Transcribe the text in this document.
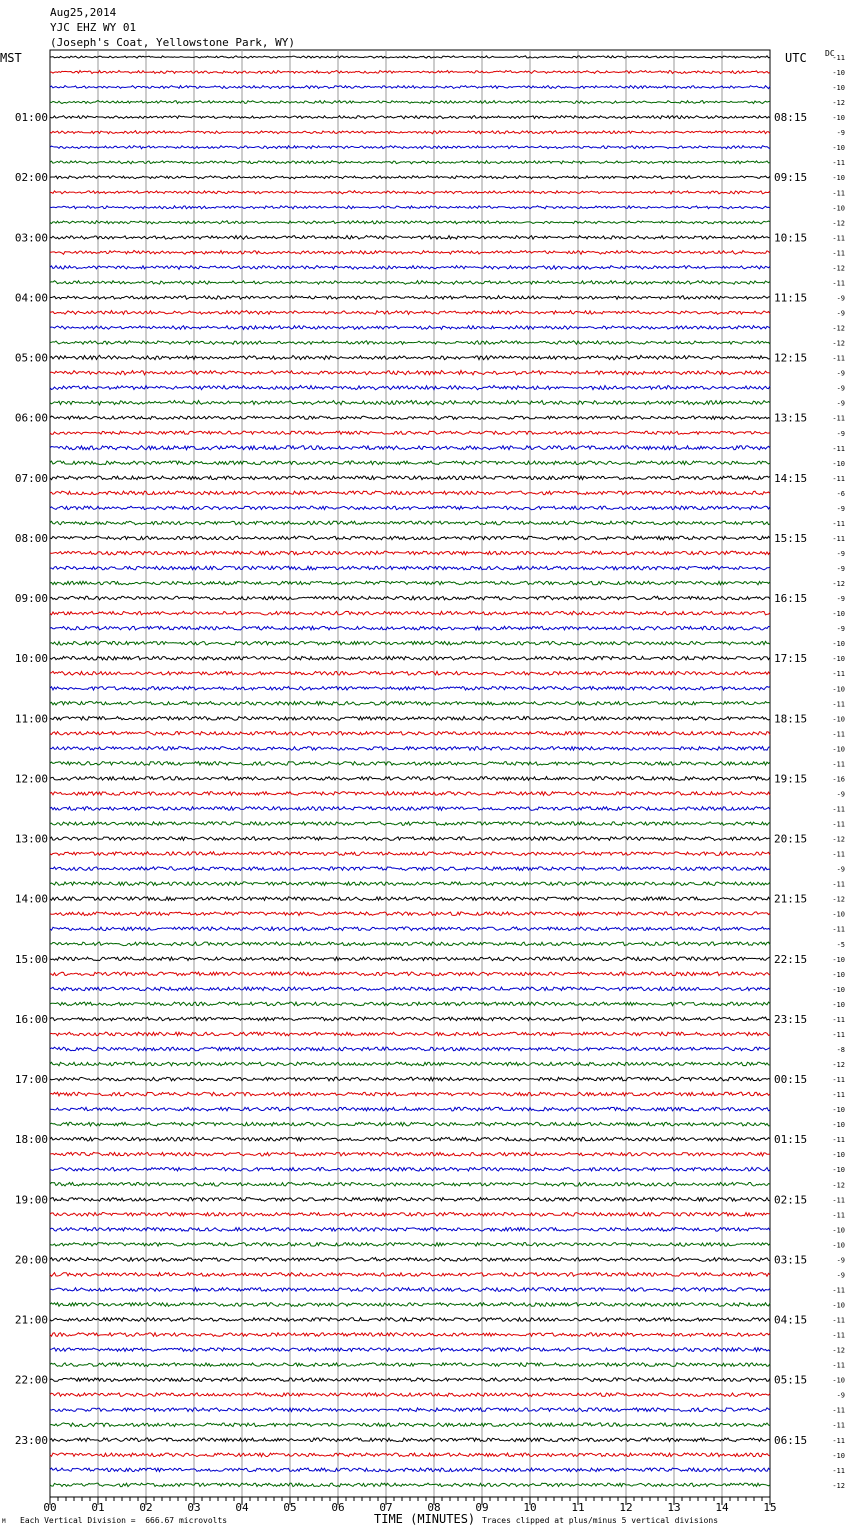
Aug25,2014
YJC EHZ WY 01
(Joseph's Coat, Yellowstone Park, WY)
-11
-10
-10
-12
-10
-9
-10
-11
-10
-11
-10
-12
-11
-11
-12
-11
-9
-9
-12
-12
-11
-9
-9
-9
-11
-9
-11
-10
-11
-6
-9
-11
-11
-9
-9
-12
-9
-10
-9
-10
-10
-11
-10
-11
-10
-11
-10
-11
-16
-9
-11
-11
-12
-11
-9
-11
-12
-10
-11
-5
-10
-10
-10
-10
-11
-11
-8
-12
-11
-11
-10
-10
-11
-10
-10
-12
-11
-11
-10
-10
-9
-9
-11
-10
-11
-11
-12
-11
-10
-9
-11
-11
-11
-10
-11
-12
01:00
02:00
03:00
04:00
05:00
06:00
07:00
08:00
09:00
10:00
11:00
12:00
13:00
14:00
15:00
16:00
17:00
18:00
19:00
20:00
21:00
22:00
23:00
08:15
09:15
10:15
11:15
12:15
13:15
14:15
15:15
16:15
17:15
18:15
19:15
20:15
21:15
22:15
23:15
00:15
01:15
02:15
03:15
04:15
05:15
06:15
00	01	02	03	04	05	06	07	08	09	10	11	12	13	14	15
MST	UTC DC
TIME (MINUTES)
Each Vertical Division =  666.67 microvolts	Traces clipped at plus/minus 5 vertical divisions
M
